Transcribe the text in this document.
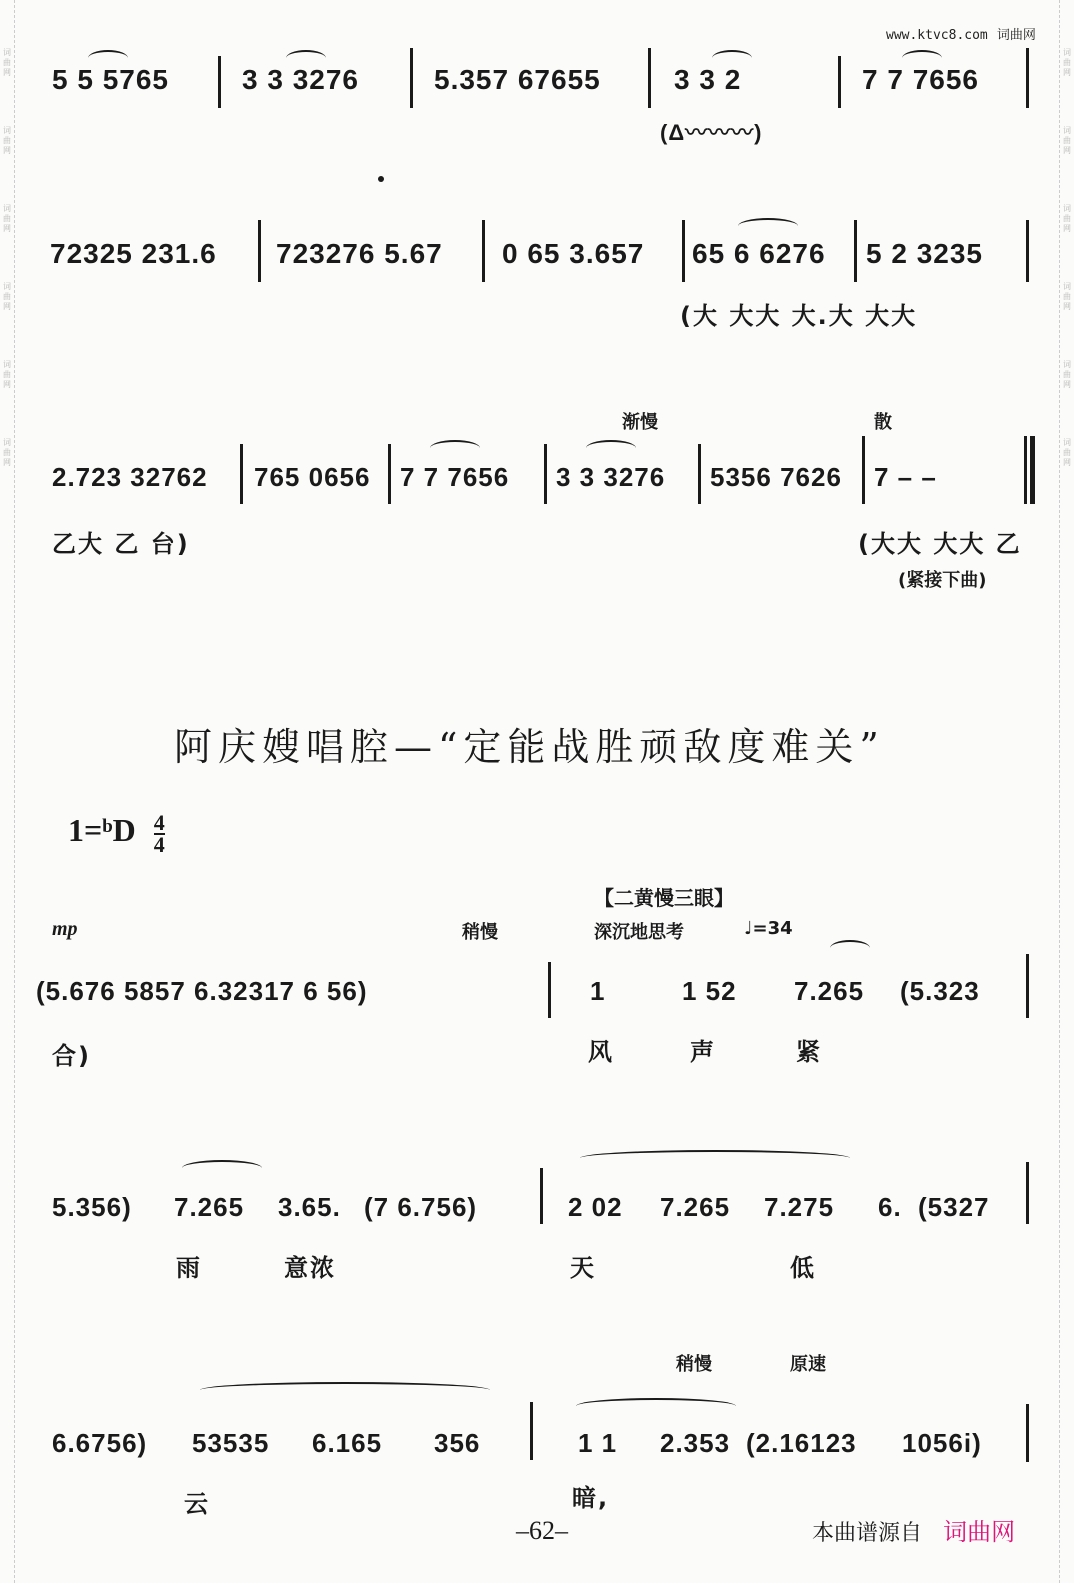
词曲网
词曲网
词曲网
词曲网
词曲网
词曲网
词曲网
词曲网
词曲网
词曲网
词曲网
词曲网
www.ktvc8.com 词曲网
5 5 5765	3 3 3276	5.357 67655	3 3 2	7 7 7656
(Δ〰〰〰)
72325 231.6 723276 5.67 0 65 3.657 65 6 6276 5 2 3235
(大 大大 大.大 大大
渐慢	散
2.723 32762 765 0656 7 7 7656 3 3 3276 5356 7626 7 – –
乙大 乙 台)	(大大 大大 乙
(紧接下曲)
阿庆嫂唱腔—“定能战胜顽敌度难关”
1=ᵇD $\frac{4}{4}$
【二黄慢三眼】
mp	稍慢	深沉地思考	♩=34
(5.676 5857 6.32317 6 56)	1	1 52 7.265 (5.323
合)	风	声	紧
5.356) 7.265 3.65. (7 6.756)	2 02 7.265 7.275 6. (5327
雨	意浓	天	低
稍慢	原速
6.6756) 53535 6.165 356	1 1 2.353 (2.16123 1056i)
云	暗,
–62–	本曲谱源自 词曲网
